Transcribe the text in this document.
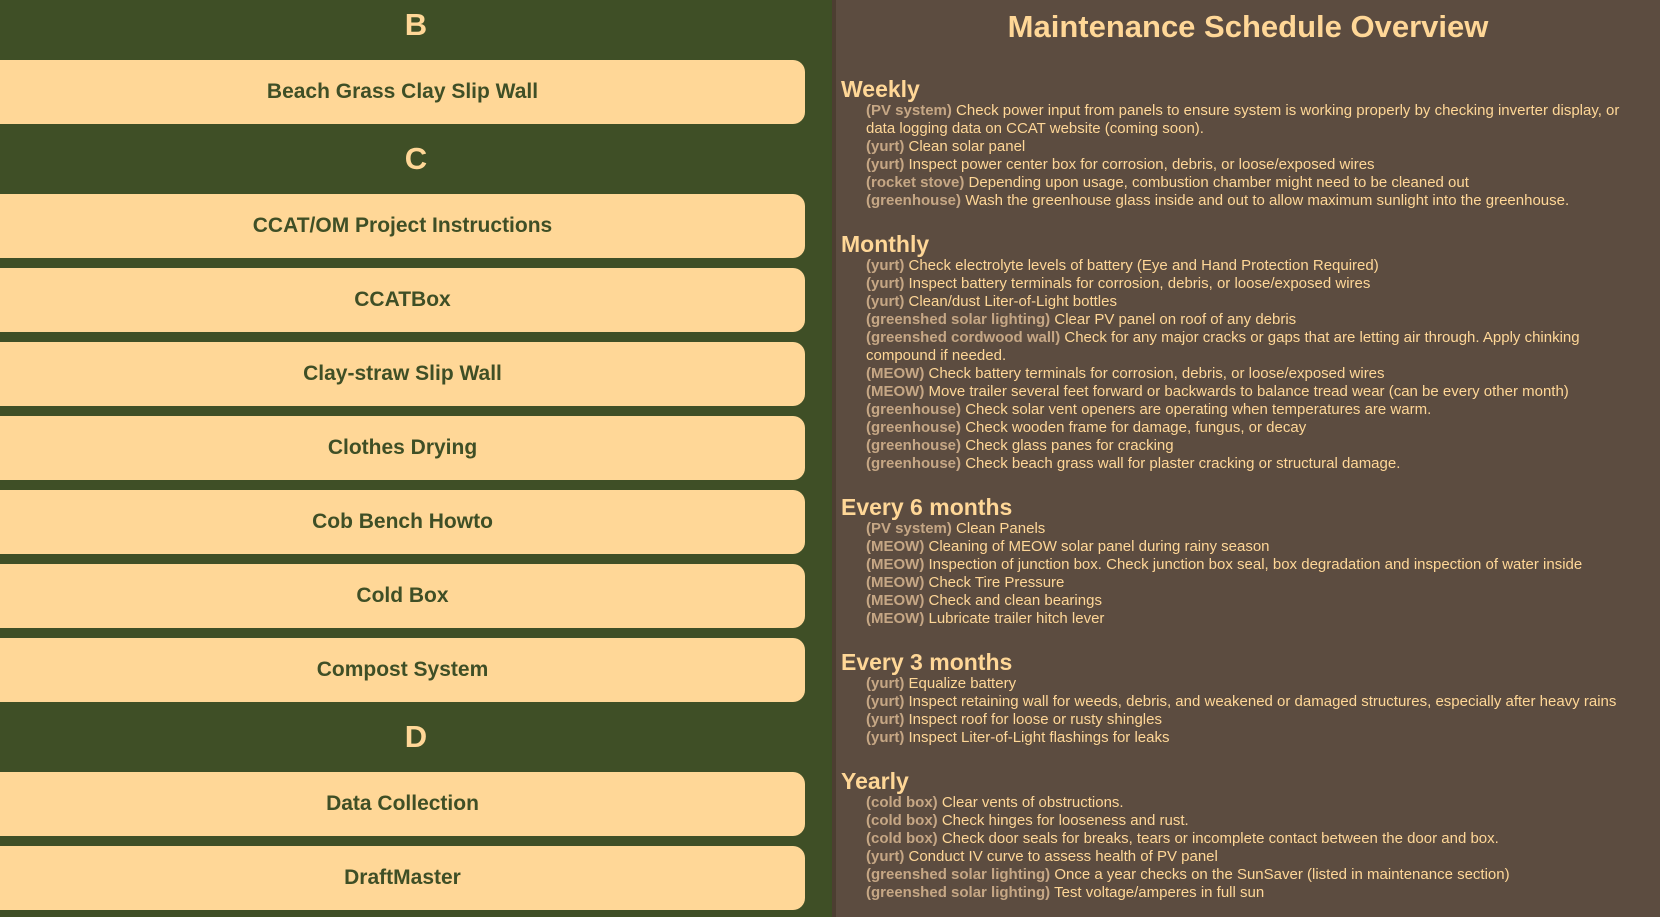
B
Beach Grass Clay Slip Wall
C
CCAT/OM Project Instructions
CCATBox
Clay-straw Slip Wall
Clothes Drying
Cob Bench Howto
Cold Box
Compost System
D
Data Collection
DraftMaster
Maintenance Schedule Overview
Weekly
(PV system) Check power input from panels to ensure system is working properly by checking inverter display, or data logging data on CCAT website (coming soon).
(yurt) Clean solar panel
(yurt) Inspect power center box for corrosion, debris, or loose/exposed wires
(rocket stove) Depending upon usage, combustion chamber might need to be cleaned out
(greenhouse) Wash the greenhouse glass inside and out to allow maximum sunlight into the greenhouse.
Monthly
(yurt) Check electrolyte levels of battery (Eye and Hand Protection Required)
(yurt) Inspect battery terminals for corrosion, debris, or loose/exposed wires
(yurt) Clean/dust Liter-of-Light bottles
(greenshed solar lighting) Clear PV panel on roof of any debris
(greenshed cordwood wall) Check for any major cracks or gaps that are letting air through. Apply chinking compound if needed.
(MEOW) Check battery terminals for corrosion, debris, or loose/exposed wires
(MEOW) Move trailer several feet forward or backwards to balance tread wear (can be every other month)
(greenhouse) Check solar vent openers are operating when temperatures are warm.
(greenhouse) Check wooden frame for damage, fungus, or decay
(greenhouse) Check glass panes for cracking
(greenhouse) Check beach grass wall for plaster cracking or structural damage.
Every 6 months
(PV system) Clean Panels
(MEOW) Cleaning of MEOW solar panel during rainy season
(MEOW) Inspection of junction box. Check junction box seal, box degradation and inspection of water inside
(MEOW) Check Tire Pressure
(MEOW) Check and clean bearings
(MEOW) Lubricate trailer hitch lever
Every 3 months
(yurt) Equalize battery
(yurt) Inspect retaining wall for weeds, debris, and weakened or damaged structures, especially after heavy rains
(yurt) Inspect roof for loose or rusty shingles
(yurt) Inspect Liter-of-Light flashings for leaks
Yearly
(cold box) Clear vents of obstructions.
(cold box) Check hinges for looseness and rust.
(cold box) Check door seals for breaks, tears or incomplete contact between the door and box.
(yurt) Conduct IV curve to assess health of PV panel
(greenshed solar lighting) Once a year checks on the SunSaver (listed in maintenance section)
(greenshed solar lighting) Test voltage/amperes in full sun
